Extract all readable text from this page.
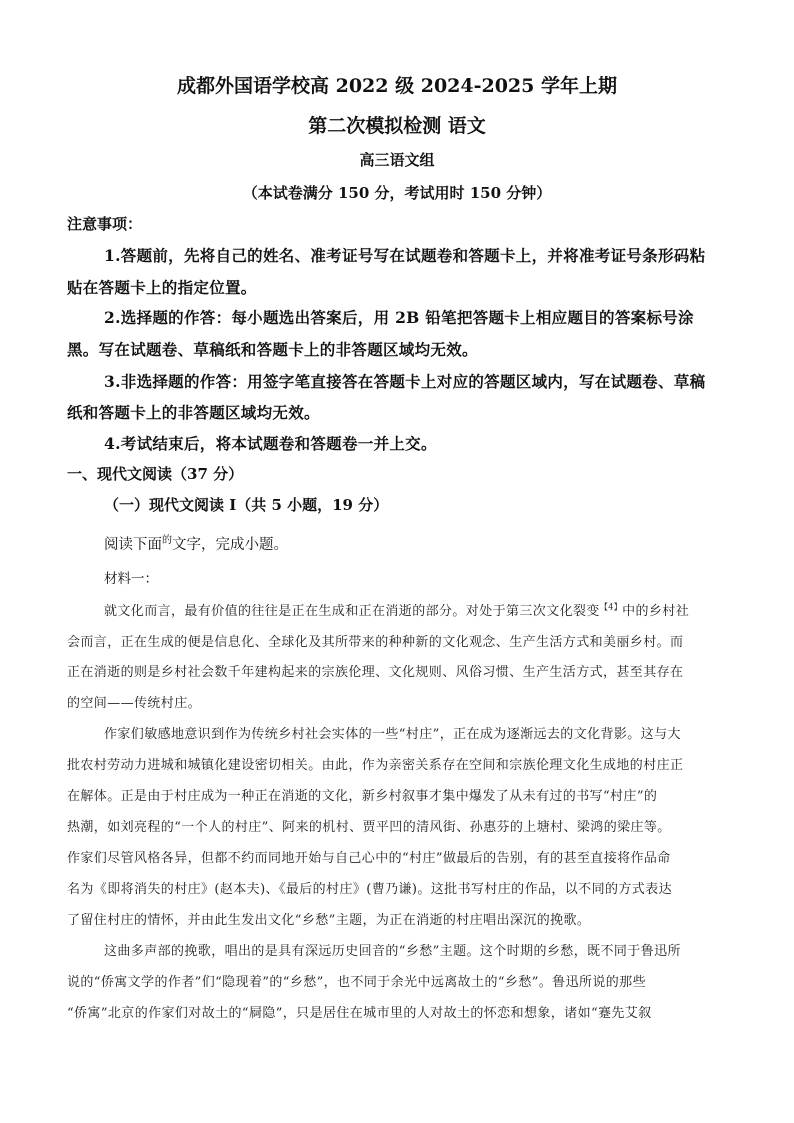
成都外国语学校高 2022 级 2024-2025 学年上期
第二次模拟检测 语文
高三语文组
（本试卷满分 150 分，考试用时 150 分钟）
注意事项：
1.答题前，先将自己的姓名、准考证号写在试题卷和答题卡上，并将准考证号条形码粘
贴在答题卡上的指定位置。
2.选择题的作答：每小题选出答案后，用 2B 铅笔把答题卡上相应题目的答案标号涂
黑。写在试题卷、草稿纸和答题卡上的非答题区域均无效。
3.非选择题的作答：用签字笔直接答在答题卡上对应的答题区域内，写在试题卷、草稿
纸和答题卡上的非答题区域均无效。
4.考试结束后，将本试题卷和答题卷一并上交。
一、现代文阅读（37 分）
（一）现代文阅读 I（共 5 小题，19 分）
阅读下面$^的$文字，完成小题。
材料一：
就文化而言，最有价值的往往是正在生成和正在消逝的部分。对处于第三次文化裂变$^{【4】}$中的乡村社
会而言，正在生成的便是信息化、全球化及其所带来的种种新的文化观念、生产生活方式和美丽乡村。而
正在消逝的则是乡村社会数千年建构起来的宗族伦理、文化规则、风俗习惯、生产生活方式，甚至其存在
的空间——传统村庄。
作家们敏感地意识到作为传统乡村社会实体的一些“村庄”，正在成为逐渐远去的文化背影。这与大
批农村劳动力进城和城镇化建设密切相关。由此，作为亲密关系存在空间和宗族伦理文化生成地的村庄正
在解体。正是由于村庄成为一种正在消逝的文化，新乡村叙事才集中爆发了从未有过的书写“村庄”的
热潮，如刘亮程的“一个人的村庄”、阿来的机村、贾平凹的清风街、孙惠芬的上塘村、梁鸿的梁庄等。
作家们尽管风格各异，但都不约而同地开始与自己心中的“村庄”做最后的告别，有的甚至直接将作品命
名为《即将消失的村庄》(赵本夫)、《最后的村庄》(曹乃谦)。这批书写村庄的作品，以不同的方式表达
了留住村庄的情怀，并由此生发出文化“乡愁”主题，为正在消逝的村庄唱出深沉的挽歌。
这曲多声部的挽歌，唱出的是具有深远历史回音的“乡愁”主题。这个时期的乡愁，既不同于鲁迅所
说的“侨寓文学的作者”们“隐现着”的“乡愁”，也不同于余光中远离故土的“乡愁”。鲁迅所说的那些
“侨寓”北京的作家们对故土的“屙隐”，只是居住在城市里的人对故土的怀恋和想象，诸如“蹇先艾叙
